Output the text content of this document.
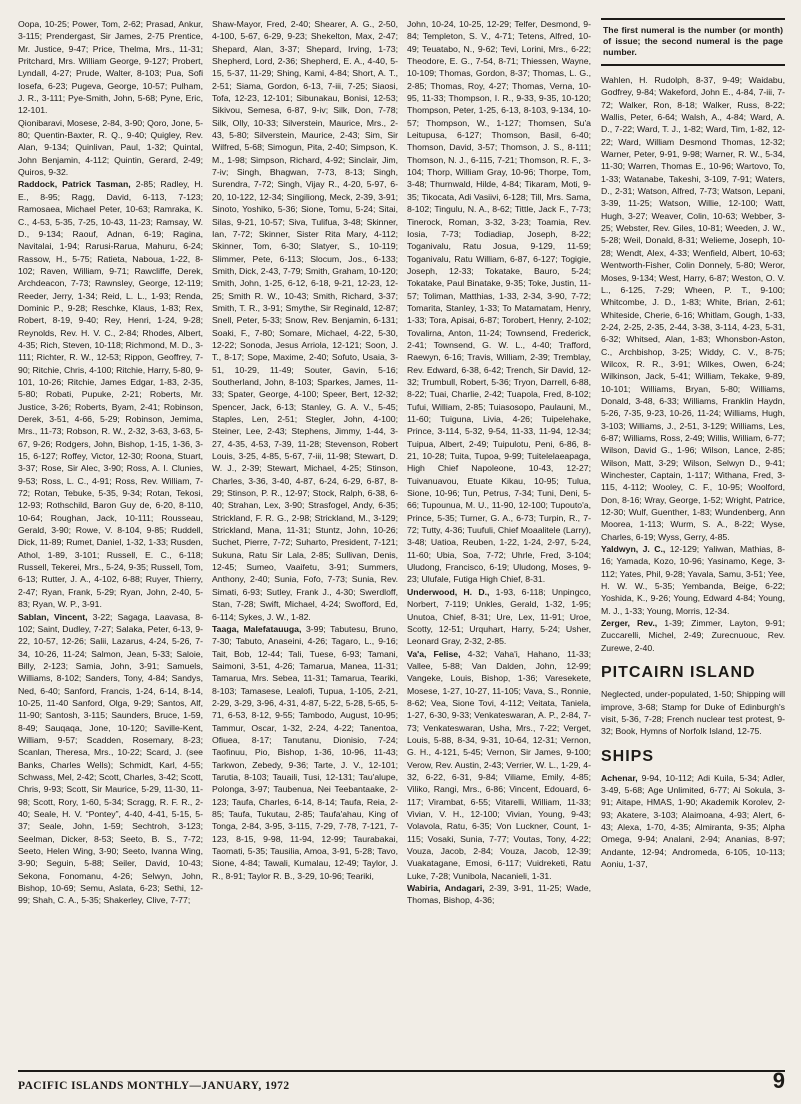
Oopa, 10-25; Power, Tom, 2-62; Prasad, Ankur, 3-115; Prendergast, Sir James, 2-75 Prentice, Mr. Justice, 9-47; Price, Thelma, Mrs., 11-31; Pritchard, Mrs. William George, 9-127; Probert, Lyndall, 4-27; Prude, Walter, 8-103; Pua, Sofi Iosefa, 6-23; Pugeva, George, 10-57; Pulham, J. R., 3-111; Pye-Smith, John, 5-68; Pyne, Eric, 12-101.

Qionibaravi, Mosese, 2-84, 3-90; Qoro, Jone, 5-80; Quentin-Baxter, R. Q., 9-40; Quigley, Rev. Alan, 9-134; Quinlivan, Paul, 1-32; Quintal, John Benjamin, 4-112; Quintin, Gerard, 2-49; Quiros, 9-32.

Raddock, Patrick Tasman, 2-85; Radley, H. E., 8-95; Ragg, David, 6-113, 7-123; Ramosaea, Michael Peter, 10-63; Ramraka, K. C., 4-53, 5-35, 7-25, 10-43, 11-23; Ramsay, W. D., 9-134; Raouf, Adnan, 6-19; Ragina, Navitalai, 1-94; Rarusi-Rarua, Mahuru, 6-24; Rassow, H., 5-75; Ratieta, Naboua, 1-22, 8-102; Raven, William, 9-71; Rawcliffe, Derek, Archdeacon, 7-73; Rawnsley, George, 12-119; Reeder, Jerry, 1-34; Reid, L. L., 1-93; Renda, Dominic P., 9-28; Reschke, Klaus, 1-83; Rex, Robert, 8-19, 9-40; Rey, Henri, 1-24, 9-28; Reynolds, Rev. H. V. C., 2-84; Rhodes, Albert, 4-35; Rich, Steven, 10-118; Richmond, M. D., 3-111; Richter, R. W., 12-53; Rippon, Geoffrey, 7-90; Ritchie, Chris, 4-100; Ritchie, Harry, 5-80, 9-101, 10-26; Ritchie, James Edgar, 1-83, 2-35, 5-80; Robati, Pupuke, 2-21; Roberts, Mr. Justice, 3-26; Roberts, Byam, 2-41; Robinson, Derek, 3-51, 4-66, 5-29; Robinson, Jemima, Mrs., 11-73; Robson, R. W., 2-32, 3-63, 3-63, 5-67, 9-26; Rodgers, John, Bishop, 1-15, 1-36, 3-15, 6-127; Roffey, Victor, 12-30; Roona, Stuart, 3-37; Rose, Sir Alec, 3-90; Ross, A. I. Clunies, 9-53; Ross, L. C., 4-91; Ross, Rev. William, 7-72; Rotan, Tebuke, 5-35, 9-34; Rotan, Tekosi, 12-93; Rothschild, Baron Guy de, 6-20, 8-110, 10-64; Roughan, Jack, 10-111; Rousseau, Gerald, 3-90; Rowe, V. 8-104, 9-85; Ruddell, Dick, 11-89; Rumet, Daniel, 1-32, 1-33; Rusden, Athol, 1-89, 3-101; Russell, E. C., 6-118; Russell, Tekerei, Mrs., 5-24, 9-35; Russell, Tom, 6-13; Rutter, J. A., 4-102, 6-88; Ruyer, Thierry, 2-47; Ryan, Frank, 5-29; Ryan, John, 2-40, 5-83; Ryan, W. P., 3-91.

Sablan, Vincent, 3-22; Sagaga, Laavasa, 8-102; Saint, Dudley, 7-27; Salaka, Peter, 6-13, 9-22, 10-57, 12-26; Salii, Lazarus, 4-24, 5-26, 7-34, 10-26, 11-24; Salmon, Jean, 5-33; Saloie, Billy, 2-123; Samia, John, 3-91; Samuels, Williams, 8-102; Sanders, Tony, 4-84; Sandys, Ned, 6-40; Sanford, Francis, 1-24, 6-14, 8-14, 10-25, 11-40 Sanford, Olga, 9-29; Santos, Alf, 11-90; Santosh, 3-115; Saunders, Bruce, 1-59, 8-49; Sauqaqa, Jone, 10-120; Saville-Kent, William, 9-57; Scadden, Rosemary, 8-23; Scanlan, Theresa, Mrs., 10-22; Scard, J. (see Banks, Charles Wells); Schmidt, Karl, 4-55; Schwass, Mel, 2-42; Scott, Charles, 3-42; Scott, Chris, 9-93; Scott, Sir Maurice, 5-29, 11-30, 11-98; Scott, Rory, 1-60, 5-34; Scragg, R. F. R., 2-40; Seale, H. V. “Pontey”, 4-40, 4-41, 5-15, 5-37; Seale, John, 1-59; Sechtroh, 3-123; Seelman, Dicker, 8-53; Seeto, B. S., 7-72; Seeto, Helen Wing, 3-90; Seeto, Ivanna Wing, 3-90; Seguin, 5-88; Seiler, David, 10-43; Sekona, Fonomanu, 4-26; Selwyn, John, Bishop, 10-69; Semu, Aslata, 6-23; Sethi, 12-99; Shah, C. A., 5-35; Shakerley, Clive, 7-77;

Shaw-Mayor, Fred, 2-40; Shearer, A. G., 2-50, 4-100, 5-67, 6-29, 9-23; Shekelton, Max, 2-47; Shepard, Alan, 3-37; Shepard, Irving, 1-73; Shepherd, Lord, 2-36; Shepherd, E. A., 4-40, 5-15, 5-37, 11-29; Shing, Kami, 4-84; Short, A. T., 2-51; Siama, Gordon, 6-13, 7-iii, 7-25; Siaosi, Tofa, 12-23, 12-101; Sibunakau, Bonisi, 12-53; Sikivou, Semesa, 6-87, 9-iv; Silk, Don, 7-78; Silk, Olly, 10-33; Silverstein, Maurice, Mrs., 2-43, 5-80; Silverstein, Maurice, 2-43; Sim, Sir Wilfred, 5-68; Simogun, Pita, 2-40; Simpson, K. M., 1-98; Simpson, Richard, 4-92; Sinclair, Jim, 7-iv; Singh, Bhagwan, 7-73, 8-13; Singh, Surendra, 7-72; Singh, Vijay R., 4-20, 5-97, 6-20, 10-122, 12-34; Singiliong, Meck, 2-39, 3-91; Sinoto, Yoshiko, 5-36; Sione, Tomu, 5-24; Sitai, Silas, 9-21, 10-57; Siva, Tulifua, 3-48; Skinner, Ian, 7-72; Skinner, Sister Rita Mary, 4-112; Skinner, Tom, 6-30; Slatyer, S., 10-119; Slimmer, Pete, 6-113; Slocum, Jos., 6-133; Smith, Dick, 2-43, 7-79; Smith, Graham, 10-120; Smith, John, 1-25, 6-12, 6-18, 9-21, 12-23, 12-25; Smith R. W., 10-43; Smith, Richard, 3-37; Smith, T. R., 3-91; Smythe, Sir Reginald, 12-87; Snell, Peter, 5-33; Snow, Rev. Benjamin, 6-131; Soaki, F., 7-80; Somare, Michael, 4-22, 5-30, 12-22; Sonoda, Jesus Arriola, 12-121; Soon, J. T., 8-17; Sope, Maxime, 2-40; Sofuto, Usaia, 3-51, 10-29, 11-49; Souter, Gavin, 5-16; Southerland, John, 8-103; Sparkes, James, 11-33; Spater, George, 4-100; Speer, Bert, 12-32; Spencer, Jack, 6-13; Stanley, G. A. V., 5-45; Staples, Len, 2-51; Stegler, John, 4-100; Steiner, Lee, 2-43; Stephens, Jimmy, 1-44, 3-27, 4-35, 4-53, 7-39, 11-28; Stevenson, Robert Louis, 3-25, 4-85, 5-67, 7-iii, 11-98; Stewart, D. W. J., 2-39; Stewart, Michael, 4-25; Stinson, Charles, 3-36, 3-40, 4-87, 6-24, 6-29, 6-87, 8-29; Stinson, P. R., 12-97; Stock, Ralph, 6-38, 6-40; Strahan, Lex, 3-90; Strasfogel, Andy, 6-35; Strickland, F. R. G., 2-98; Strickland, M., 3-129; Strickland, Mana, 11-31; Stuntz, John, 10-26; Suchet, Pierre, 7-72; Suharto, President, 7-121; Sukuna, Ratu Sir Lala, 2-85; Sullivan, Denis, 12-45; Sumeo, Vaaifetu, 3-91; Summers, Anthony, 2-40; Sunia, Fofo, 7-73; Sunia, Rev. Simati, 6-93; Sutley, Frank J., 4-30; Swerdloff, Stan, 7-28; Swift, Michael, 4-24; Swofford, Ed, 6-114; Sykes, J. W., 1-82.

Taaga, Malefatauuga, 3-99; Tabutesu, Bruno, 7-30; Tabuto, Anaseini, 4-26; Tagaro, L., 9-16; Tait, Bob, 12-44; Tali, Tuese, 6-93; Tamani, Saimoni, 3-51, 4-26; Tamarua, Manea, 11-31; Tamarua, Mrs. Sebea, 11-31; Tamarua, Teariki, 8-103; Tamasese, Lealofi, Tupua, 1-105, 2-21, 2-29, 3-29, 3-96, 4-31, 4-87, 5-22, 5-28, 5-65, 5-71, 6-53, 8-12, 9-55; Tambodo, August, 10-95; Tammur, Oscar, 1-32, 2-24, 4-22; Tanentoa, Ofiuea, 8-17; Tanutanu, Dionisio, 7-24; Taofinuu, Pio, Bishop, 1-36, 10-96, 11-43; Tarkwon, Zebedy, 9-36; Tarte, J. V., 12-101; Tarutia, 8-103; Tauaili, Tusi, 12-131; Tau'alupe, Polonga, 3-97; Taubenua, Nei Teebantaake, 2-123; Taufa, Charles, 6-14, 8-14; Taufa, Reia, 2-85; Taufa, Tukutau, 2-85; Taufa'ahau, King of Tonga, 2-84, 3-95, 3-115, 7-29, 7-78, 7-121, 7-123, 8-15, 9-98, 11-94, 12-99; Taurabakai, Taomati, 5-35; Tausilia, Amoa, 3-91, 5-28; Tavo, Sione, 4-84; Tawali, Kumalau, 12-49; Taylor, J. R., 8-91; Taylor R. B., 3-29, 10-96; Teariki,

John, 10-24, 10-25, 12-29; Telfer, Desmond, 9-84; Templeton, S. V., 4-71; Tetens, Alfred, 10-49; Teuatabo, N., 9-62; Tevi, Lorini, Mrs., 6-22; Theodore, E. G., 7-54, 8-71; Thiessen, Wayne, 10-109; Thomas, Gordon, 8-37; Thomas, L. G., 2-85; Thomas, Roy, 4-27; Thomas, Verna, 10-95, 11-33; Thompson, I. R., 9-33, 9-35, 10-120; Thompson, Peter, 1-25, 6-13, 8-103, 9-134, 10-57; Thompson, W., 1-127; Thomsen, Su'a Leitupusa, 6-127; Thomson, Basil, 6-40; Thomson, David, 3-57; Thomson, J. S., 8-111; Thomson, N. J., 6-115, 7-21; Thomson, R. F., 3-104; Thorp, William Gray, 10-96; Thorpe, Tom, 3-48; Thurnwald, Hilde, 4-84; Tikaram, Moti, 9-35; Tikocata, Adi Vasiivi, 6-128; Till, Mrs. Sama, 8-102; Tingulu, N. A., 8-62; Tittle, Jack F., 7-73; Tinerock, Roman, 3-32, 3-23; Toamia, Rev. Iosia, 7-73; Todiadiap, Joseph, 8-22; Toganivalu, Ratu Josua, 9-129, 11-59; Toganivalu, Ratu William, 6-87, 6-127; Togigie, Joseph, 12-33; Tokatake, Bauro, 5-24; Tokatake, Paul Binatake, 9-35; Toke, Justin, 11-57; Toliman, Matthias, 1-33, 2-34, 3-90, 7-72; Tomarita, Stanley, 1-33; To Matamatam, Henry, 1-33; Tora, Apisai, 6-87; Torobert, Henry, 2-102; Tovalirna, Anton, 11-24; Townsend, Frederick, 2-41; Townsend, G. W. L., 4-40; Trafford, Raewyn, 6-16; Travis, William, 2-39; Tremblay, Rev. Edward, 6-38, 6-42; Trench, Sir David, 12-32; Trumbull, Robert, 5-36; Tryon, Darrell, 6-88, 8-22; Tuai, Charlie, 2-42; Tuapola, Fred, 8-102; Tufui, William, 2-85; Tuiasosopo, Paulauni, M., 11-60; Tuiguna, Livia, 4-26; Tuipelehake, Prince, 3-114, 5-32, 9-54, 11-33, 11-94, 12-34; Tuipua, Albert, 2-49; Tuipulotu, Peni, 6-86, 8-21, 10-28; Tuita, Tupoa, 9-99; Tuitelelaeapaga, High Chief Napoleone, 10-43, 12-27; Tuivanuavou, Etuate Kikau, 10-95; Tulua, Sione, 10-96; Tun, Petrus, 7-34; Tuni, Deni, 5-66; Tupounua, M. U., 11-90, 12-100; Tupouto'a, Prince, 5-35; Turner, G. A., 6-73; Turpin, R., 7-72; Tutty, 4-36; Tuufuli, Chief Moaalitele (Larry), 3-48; Uatioa, Reuben, 1-22, 1-24, 2-97, 5-24, 11-60; Ubia, Soa, 7-72; Uhrle, Fred, 3-104; Uludong, Francisco, 6-19; Uludong, Moses, 9-23; Ulufale, Futiga High Chief, 8-31.

Underwood, H. D., 1-93, 6-118; Unpingco, Norbert, 7-119; Unkles, Gerald, 1-32, 1-95; Unutoa, Chief, 8-31; Ure, Lex, 11-91; Uroe, Scotty, 12-51; Urquhart, Harry, 5-24; Usher, Leonard Gray, 2-32, 2-85.

Va'a, Felise, 4-32; Vaha'i, Hahano, 11-33; Vallee, 5-88; Van Dalden, John, 12-99; Vangeke, Louis, Bishop, 1-36; Varesekete, Mosese, 1-27, 10-27, 11-105; Vava, S., Ronnie, 8-62; Vea, Sione Tovi, 4-112; Veitata, Taniela, 1-27, 6-30, 9-33; Venkateswaran, A. P., 2-84, 7-73; Venkateswaran, Usha, Mrs., 7-22; Verget, Louis, 5-88, 8-34, 9-31, 10-64, 12-31; Vernon, G. H., 4-121, 5-45; Vernon, Sir James, 9-100; Verow, Rev. Austin, 2-43; Verrier, W. L., 1-29, 4-32, 6-22, 6-31, 9-84; Viliame, Emily, 4-85; Viliko, Rangi, Mrs., 6-86; Vincent, Edouard, 6-117; Virambat, 6-55; Vitarelli, William, 11-33; Vivian, V. H., 12-100; Vivian, Young, 9-43; Volavola, Ratu, 6-35; Von Luckner, Count, 1-115; Vosaki, Sunia, 7-77; Voutas, Tony, 4-22; Vouza, Jacob, 2-84; Vouza, Jacob, 12-39; Vuakatagane, Emosi, 6-117; Vuidreketi, Ratu Luke, 7-28; Vunibola, Nacanieli, 1-31.

Wabiria, Andagari, 2-39, 3-91, 11-25; Wade, Thomas, Bishop, 4-36;

The first numeral is the number (or month) of issue; the second numeral is the page number.

Wahlen, H. Rudolph, 8-37, 9-49; Waidabu, Godfrey, 9-84; Wakeford, John E., 4-84, 7-iii, 7-72; Walker, Ron, 8-18; Walker, Russ, 8-22; Wallis, Peter, 6-64; Walsh, A., 4-84; Ward, A. D., 7-22; Ward, T. J., 1-82; Ward, Tim, 1-82, 12-22; Ward, William Desmond Thomas, 12-32; Warner, Peter, 9-91, 9-98; Warner, R. W., 5-34, 11-30; Warren, Thomas E., 10-96; Wartovo, To, 1-33; Watanabe, Takeshi, 3-109, 7-91; Waters, D., 2-31; Watson, Alfred, 7-73; Watson, Lepani, 3-39, 11-25; Watson, Willie, 12-100; Watt, Hugh, 3-27; Weaver, Colin, 10-63; Webber, 3-25; Webster, Rev. Giles, 10-81; Weeden, J. W., 5-28; Weil, Donald, 8-31; Welieme, Joseph, 10-28; Wendt, Alex, 4-33; Wenfield, Albert, 10-63; Wentworth-Fisher, Colin Donnely, 5-80; Weror, Moses, 9-134; West, Harry, 6-87; Weston, O. V. L., 6-125, 7-29; Wheen, P. T., 9-100; Whitcombe, J. D., 1-83; White, Brian, 2-61; Whiteside, Cherie, 6-16; Whitlam, Gough, 1-33, 2-24, 2-25, 2-35, 2-44, 3-38, 3-114, 4-23, 5-31, 6-32; Whitsed, Alan, 1-83; Whonsbon-Aston, C., Archbishop, 3-25; Widdy, C. V., 8-75; Wilcox, R. R., 3-91; Wilkes, Owen, 6-24; Wilkinson, Jack, 5-41; William, Tekake, 9-89, 10-101; Williams, Bryan, 5-80; Williams, Donald, 3-48, 6-33; Williams, Franklin Haydn, 5-26, 7-35, 9-23, 10-26, 11-24; Williams, Hugh, 3-103; Williams, J., 2-51, 3-129; Williams, Les, 6-87; Williams, Ross, 2-49; Willis, William, 6-77; Wilson, David G., 1-96; Wilson, Lance, 2-85; Wilson, Matt, 3-29; Wilson, Selwyn D., 9-41; Winchester, Captain, 1-117; Withana, Fred, 3-115, 4-112; Wooley, C. F., 10-95; Woolford, Don, 8-16; Wray, George, 1-52; Wright, Patrice, 12-30; Wulf, Guenther, 1-83; Wundenberg, Ann Moorea, 1-113; Wurm, S. A., 8-22; Wyse, Charles, 6-19; Wyss, Gerry, 4-85.

Yaldwyn, J. C., 12-129; Yaliwan, Mathias, 8-16; Yamada, Kozo, 10-96; Yasinamo, Kege, 3-112; Yates, Phil, 9-28; Yavala, Samu, 3-51; Yee, H. W. W., 5-35; Yembanda, Beige, 6-22; Yoshida, K., 9-26; Young, Edward 4-84; Young, M. J., 1-33; Young, Morris, 12-34.

Zerger, Rev., 1-39; Zimmer, Layton, 9-91; Zuccarelli, Michel, 2-49; Zurecnuouc, Rev. Zurewe, 2-40.

PITCAIRN ISLAND

Neglected, under-populated, 1-50; Shipping will improve, 3-68; Stamp for Duke of Edinburgh's visit, 5-36, 7-28; French nuclear test protest, 9-32; Book, Hymns of Norfolk Island, 12-75.

SHIPS

Achenar, 9-94, 10-112; Adi Kuila, 5-34; Adler, 3-49, 5-68; Age Unlimited, 6-77; Ai Sokula, 3-91; Aitape, HMAS, 1-90; Akademik Korolev, 2-93; Akatere, 3-103; Alaimoana, 4-93; Alert, 6-43; Alexa, 1-70, 4-35; Almiranta, 9-35; Alpha Omega, 9-94; Analani, 2-94; Ananias, 8-97; Andante, 12-94; Andromeda, 6-105, 10-113; Aoniu, 1-37,

PACIFIC ISLANDS MONTHLY—JANUARY, 1972	9
